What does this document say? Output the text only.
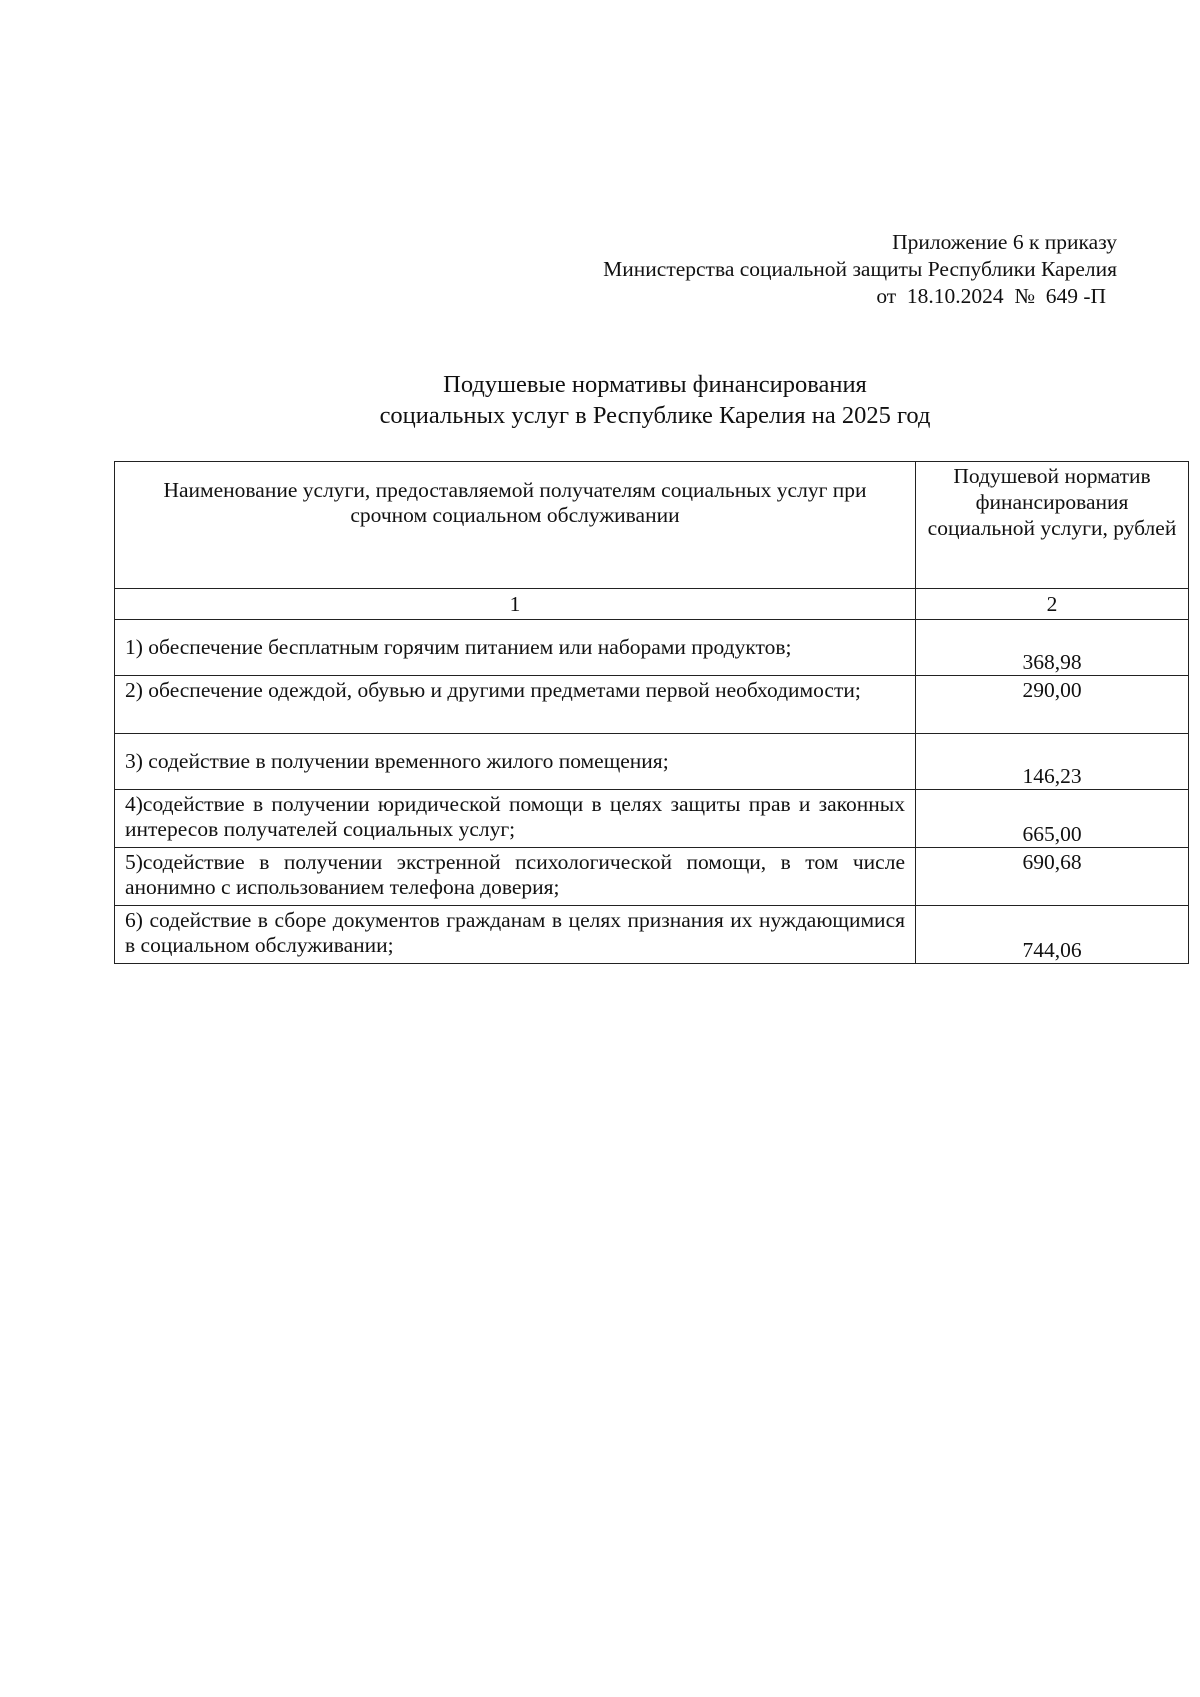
Приложение 6 к приказу
Министерства социальной защиты Республики Карелия
от  18.10.2024  №  649 -П
Подушевые нормативы финансирования
социальных услуг в Республике Карелия на 2025 год
Наименование услуги, предоставляемой получателям социальных услуг при срочном социальном обслуживании	Подушевой норматив финансирования социальной услуги, рублей
1	2
1) обеспечение бесплатным горячим питанием или наборами продуктов;	368,98
2) обеспечение одеждой, обувью и другими предметами первой необходимости;	290,00
3) содействие в получении временного жилого помещения;	146,23
4)содействие в получении юридической помощи в целях защиты прав и законных интересов получателей социальных услуг;	665,00
5)содействие в получении экстренной психологической помощи, в том числе анонимно с использованием телефона доверия;	690,68
6) содействие в сборе документов гражданам в целях признания их нуждающимися в социальном обслуживании;	744,06
